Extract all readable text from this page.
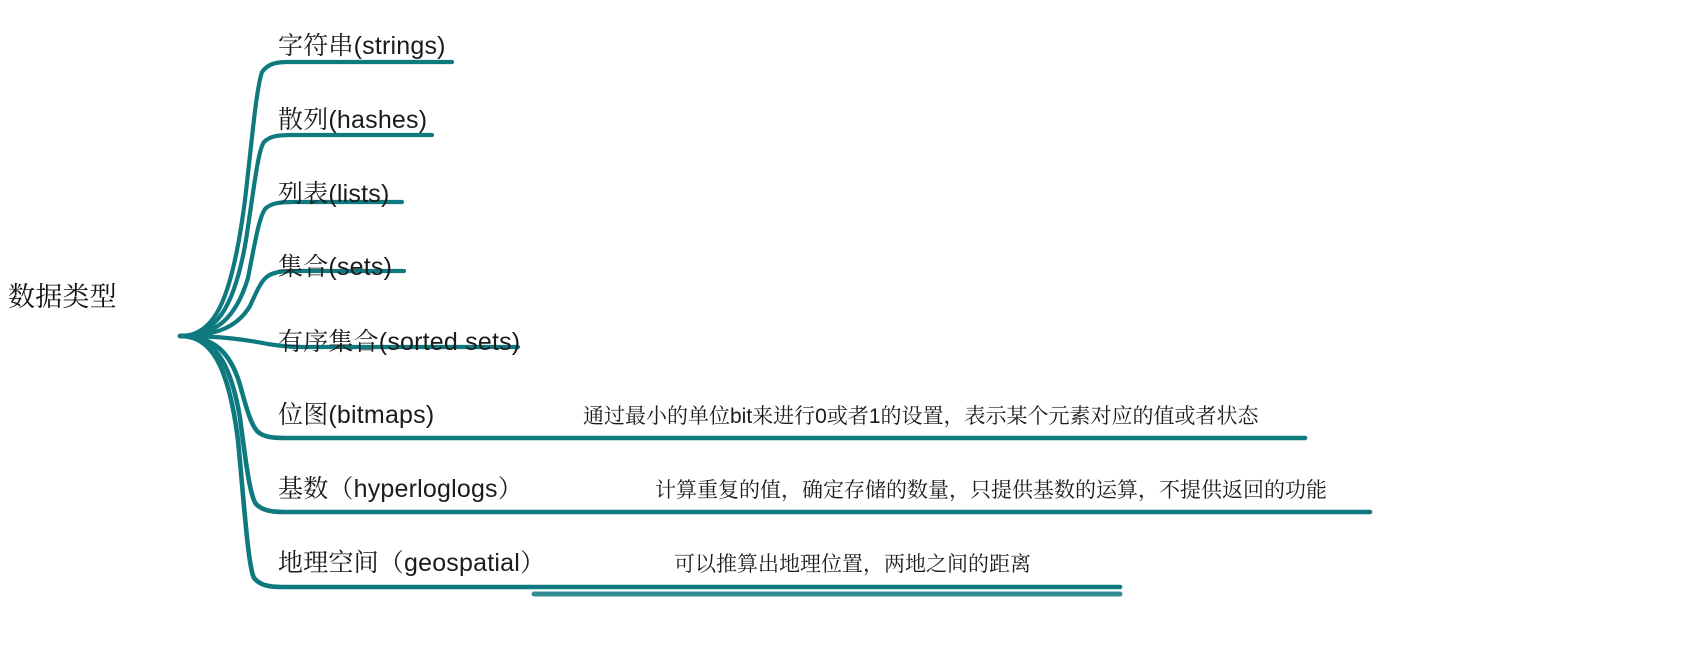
数据类型
字符串(strings)
散列(hashes)
列表(lists)
集合(sets)
有序集合(sorted sets)
位图(bitmaps)	通过最小的单位bit来进行0或者1的设置，表示某个元素对应的值或者状态
基数（hyperloglogs）	计算重复的值，确定存储的数量，只提供基数的运算，不提供返回的功能
地理空间（geospatial）	可以推算出地理位置，两地之间的距离
